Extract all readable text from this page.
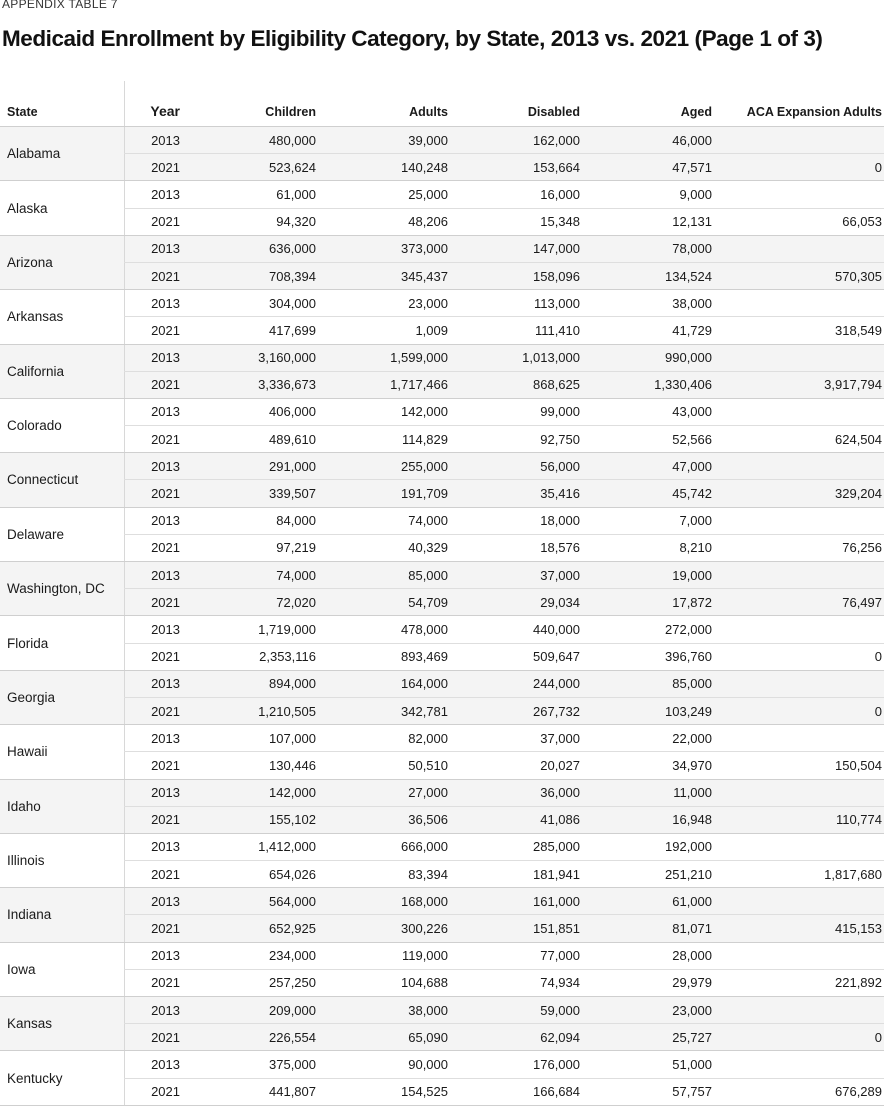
APPENDIX TABLE 7
Medicaid Enrollment by Eligibility Category, by State, 2013 vs. 2021 (Page 1 of 3)
State	Year	Children	Adults	Disabled	Aged	ACA Expansion Adults
Alabama	2013	480,000	39,000	162,000	46,000	
	2021	523,624	140,248	153,664	47,571	0
Alaska	2013	61,000	25,000	16,000	9,000	
	2021	94,320	48,206	15,348	12,131	66,053
Arizona	2013	636,000	373,000	147,000	78,000	
	2021	708,394	345,437	158,096	134,524	570,305
Arkansas	2013	304,000	23,000	113,000	38,000	
	2021	417,699	1,009	111,410	41,729	318,549
California	2013	3,160,000	1,599,000	1,013,000	990,000	
	2021	3,336,673	1,717,466	868,625	1,330,406	3,917,794
Colorado	2013	406,000	142,000	99,000	43,000	
	2021	489,610	114,829	92,750	52,566	624,504
Connecticut	2013	291,000	255,000	56,000	47,000	
	2021	339,507	191,709	35,416	45,742	329,204
Delaware	2013	84,000	74,000	18,000	7,000	
	2021	97,219	40,329	18,576	8,210	76,256
Washington, DC	2013	74,000	85,000	37,000	19,000	
	2021	72,020	54,709	29,034	17,872	76,497
Florida	2013	1,719,000	478,000	440,000	272,000	
	2021	2,353,116	893,469	509,647	396,760	0
Georgia	2013	894,000	164,000	244,000	85,000	
	2021	1,210,505	342,781	267,732	103,249	0
Hawaii	2013	107,000	82,000	37,000	22,000	
	2021	130,446	50,510	20,027	34,970	150,504
Idaho	2013	142,000	27,000	36,000	11,000	
	2021	155,102	36,506	41,086	16,948	110,774
Illinois	2013	1,412,000	666,000	285,000	192,000	
	2021	654,026	83,394	181,941	251,210	1,817,680
Indiana	2013	564,000	168,000	161,000	61,000	
	2021	652,925	300,226	151,851	81,071	415,153
Iowa	2013	234,000	119,000	77,000	28,000	
	2021	257,250	104,688	74,934	29,979	221,892
Kansas	2013	209,000	38,000	59,000	23,000	
	2021	226,554	65,090	62,094	25,727	0
Kentucky	2013	375,000	90,000	176,000	51,000	
	2021	441,807	154,525	166,684	57,757	676,289
